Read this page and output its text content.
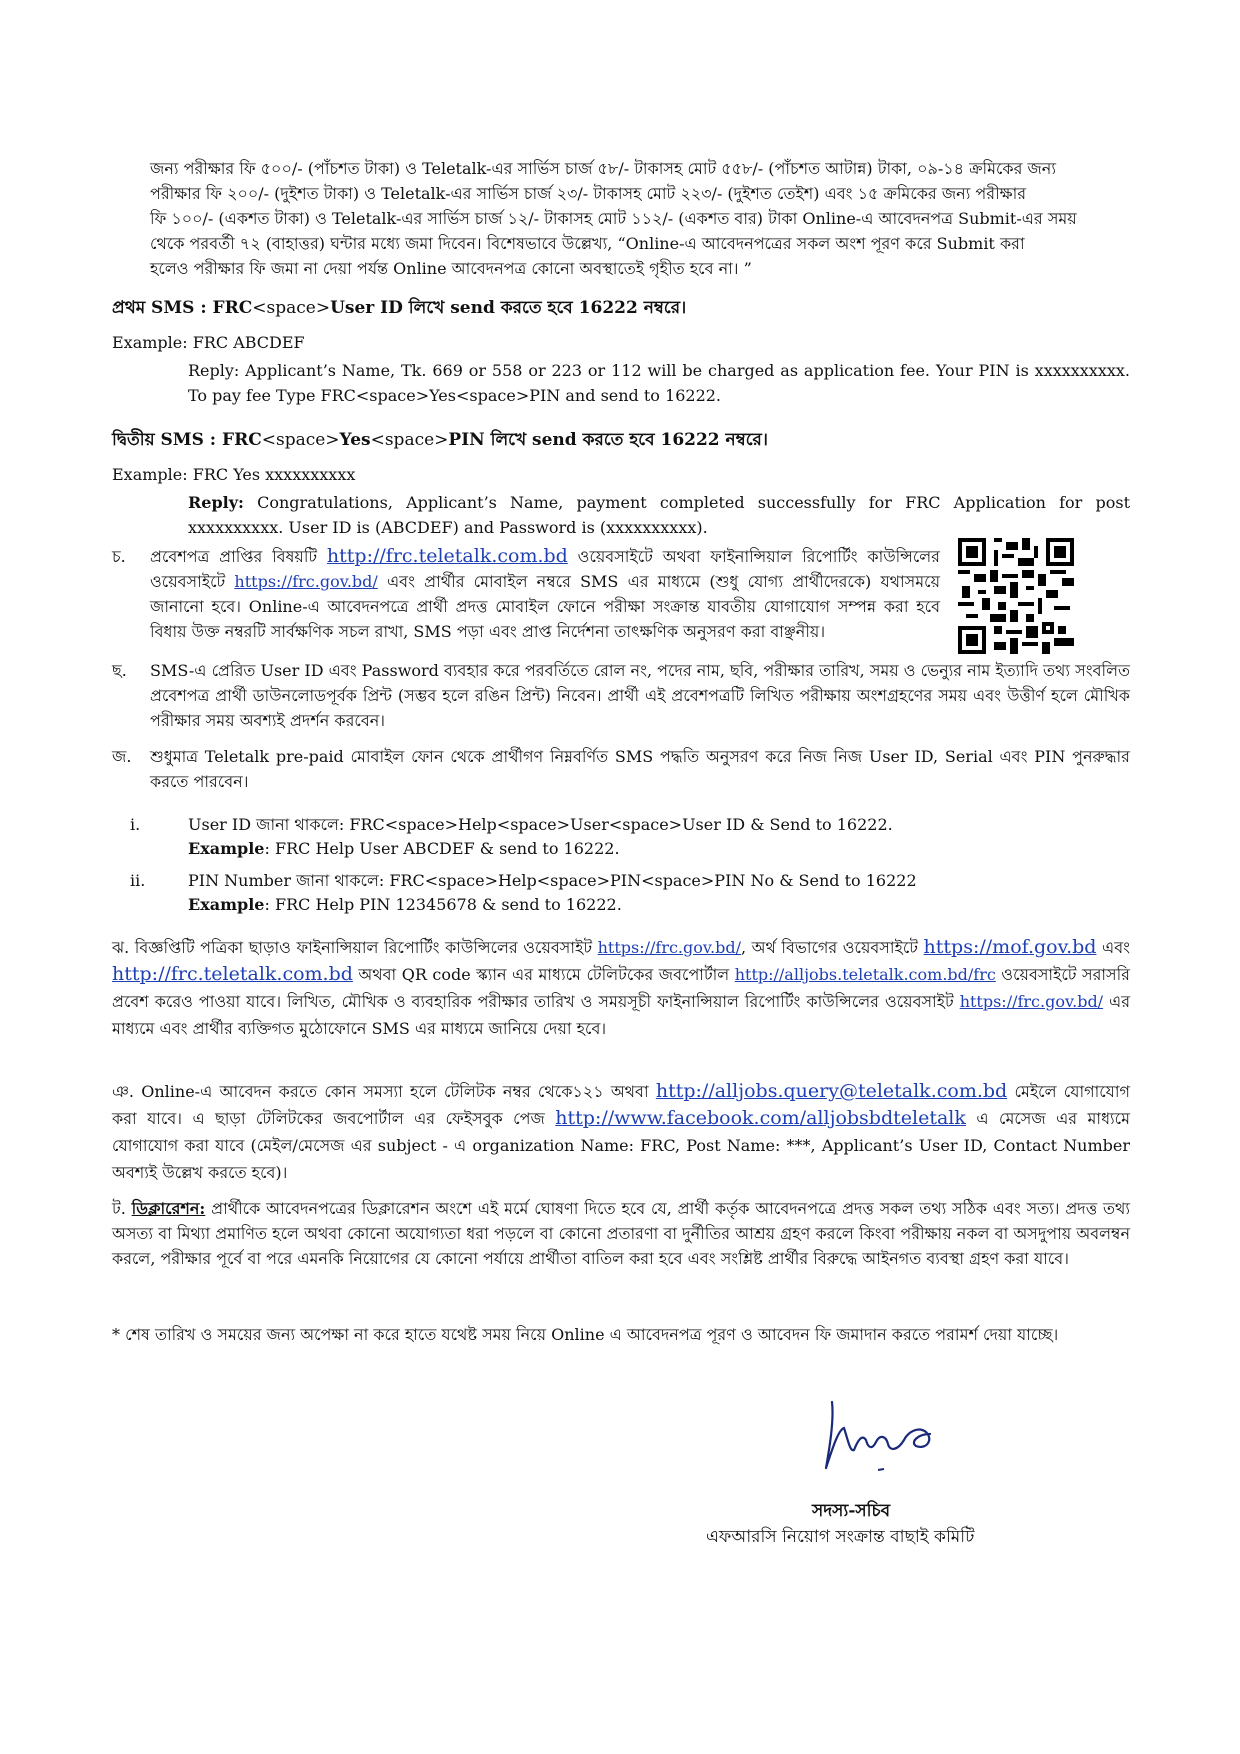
জন্য পরীক্ষার ফি ৫০০/- (পাঁচশত টাকা) ও Teletalk-এর সার্ভিস চার্জ ৫৮/- টাকাসহ মোট ৫৫৮/- (পাঁচশত আটান্ন) টাকা, ০৯-১৪ ক্রমিকের জন্য
পরীক্ষার ফি ২০০/- (দুইশত টাকা) ও Teletalk-এর সার্ভিস চার্জ ২৩/- টাকাসহ মোট ২২৩/- (দুইশত তেইশ) এবং ১৫ ক্রমিকের জন্য পরীক্ষার
ফি ১০০/- (একশত টাকা) ও Teletalk-এর সার্ভিস চার্জ ১২/- টাকাসহ মোট ১১২/- (একশত বার) টাকা Online-এ আবেদনপত্র Submit-এর সময়
থেকে পরবর্তী ৭২ (বাহাত্তর) ঘন্টার মধ্যে জমা দিবেন। বিশেষভাবে উল্লেখ্য, “Online-এ আবেদনপত্রের সকল অংশ পূরণ করে Submit করা
হলেও পরীক্ষার ফি জমা না দেয়া পর্যন্ত Online আবেদনপত্র কোনো অবস্থাতেই গৃহীত হবে না। ”
প্রথম SMS : FRC<space>User ID লিখে send করতে হবে 16222 নম্বরে।
Example: FRC ABCDEF
Reply: Applicant’s Name, Tk. 669 or 558 or 223 or 112 will be charged as application fee. Your PIN is xxxxxxxxxx. To pay fee Type FRC<space>Yes<space>PIN and send to 16222.
দ্বিতীয় SMS : FRC<space>Yes<space>PIN লিখে send করতে হবে 16222 নম্বরে।
Example: FRC Yes xxxxxxxxxx
Reply: Congratulations, Applicant’s Name, payment completed successfully for FRC Application for post xxxxxxxxxx. User ID is (ABCDEF) and Password is (xxxxxxxxxx).
চ.	প্রবেশপত্র প্রাপ্তির বিষয়টি http://frc.teletalk.com.bd ওয়েবসাইটে অথবা ফাইনান্সিয়াল রিপোর্টিং কাউন্সিলের ওয়েবসাইটে https://frc.gov.bd/ এবং প্রার্থীর মোবাইল নম্বরে SMS এর মাধ্যমে (শুধু যোগ্য প্রার্থীদেরকে) যথাসময়ে জানানো হবে। Online-এ আবেদনপত্রে প্রার্থী প্রদত্ত মোবাইল ফোনে পরীক্ষা সংক্রান্ত যাবতীয় যোগাযোগ সম্পন্ন করা হবে বিধায় উক্ত নম্বরটি সার্বক্ষণিক সচল রাখা, SMS পড়া এবং প্রাপ্ত নির্দেশনা তাৎক্ষণিক অনুসরণ করা বাঞ্ছনীয়।
ছ.	SMS-এ প্রেরিত User ID এবং Password ব্যবহার করে পরবর্তিতে রোল নং, পদের নাম, ছবি, পরীক্ষার তারিখ, সময় ও ভেন্যুর নাম ইত্যাদি তথ্য সংবলিত প্রবেশপত্র প্রার্থী ডাউনলোডপূর্বক প্রিন্ট (সম্ভব হলে রঙিন প্রিন্ট) নিবেন। প্রার্থী এই প্রবেশপত্রটি লিখিত পরীক্ষায় অংশগ্রহণের সময় এবং উত্তীর্ণ হলে মৌখিক পরীক্ষার সময় অবশ্যই প্রদর্শন করবেন।
জ.	শুধুমাত্র Teletalk pre-paid মোবাইল ফোন থেকে প্রার্থীগণ নিম্নবর্ণিত SMS পদ্ধতি অনুসরণ করে নিজ নিজ User ID, Serial এবং PIN পুনরুদ্ধার করতে পারবেন।
i.	User ID জানা থাকলে: FRC<space>Help<space>User<space>User ID & Send to 16222.
Example: FRC Help User ABCDEF & send to 16222.
ii.	PIN Number জানা থাকলে: FRC<space>Help<space>PIN<space>PIN No & Send to 16222
Example: FRC Help PIN 12345678 & send to 16222.
ঝ. বিজ্ঞপ্তিটি পত্রিকা ছাড়াও ফাইনান্সিয়াল রিপোর্টিং কাউন্সিলের ওয়েবসাইট https://frc.gov.bd/, অর্থ বিভাগের ওয়েবসাইটে https://mof.gov.bd এবং http://frc.teletalk.com.bd অথবা QR code স্ক্যান এর মাধ্যমে টেলিটকের জবপোর্টাল http://alljobs.teletalk.com.bd/frc ওয়েবসাইটে সরাসরি প্রবেশ করেও পাওয়া যাবে। লিখিত, মৌখিক ও ব্যবহারিক পরীক্ষার তারিখ ও সময়সূচী ফাইনান্সিয়াল রিপোর্টিং কাউন্সিলের ওয়েবসাইট https://frc.gov.bd/ এর মাধ্যমে এবং প্রার্থীর ব্যক্তিগত মুঠোফোনে SMS এর মাধ্যমে জানিয়ে দেয়া হবে।
ঞ. Online-এ আবেদন করতে কোন সমস্যা হলে টেলিটক নম্বর থেকে১২১ অথবা http://alljobs.query@teletalk.com.bd মেইলে যোগাযোগ করা যাবে। এ ছাড়া টেলিটকের জবপোর্টাল এর ফেইসবুক পেজ http://www.facebook.com/alljobsbdteletalk এ মেসেজ এর মাধ্যমে যোগাযোগ করা যাবে (মেইল/মেসেজ এর subject - এ organization Name: FRC, Post Name: ***, Applicant’s User ID, Contact Number অবশ্যই উল্লেখ করতে হবে)।
ট. ডিক্লারেশন: প্রার্থীকে আবেদনপত্রের ডিক্লারেশন অংশে এই মর্মে ঘোষণা দিতে হবে যে, প্রার্থী কর্তৃক আবেদনপত্রে প্রদত্ত সকল তথ্য সঠিক এবং সত্য। প্রদত্ত তথ্য অসত্য বা মিথ্যা প্রমাণিত হলে অথবা কোনো অযোগ্যতা ধরা পড়লে বা কোনো প্রতারণা বা দুর্নীতির আশ্রয় গ্রহণ করলে কিংবা পরীক্ষায় নকল বা অসদুপায় অবলম্বন করলে, পরীক্ষার পূর্বে বা পরে এমনকি নিয়োগের যে কোনো পর্যায়ে প্রার্থীতা বাতিল করা হবে এবং সংশ্লিষ্ট প্রার্থীর বিরুদ্ধে আইনগত ব্যবস্থা গ্রহণ করা যাবে।
* শেষ তারিখ ও সময়ের জন্য অপেক্ষা না করে হাতে যথেষ্ট সময় নিয়ে Online এ আবেদনপত্র পূরণ ও আবেদন ফি জমাদান করতে পরামর্শ দেয়া যাচ্ছে।
সদস্য-সচিব
এফআরসি নিয়োগ সংক্রান্ত বাছাই কমিটি
